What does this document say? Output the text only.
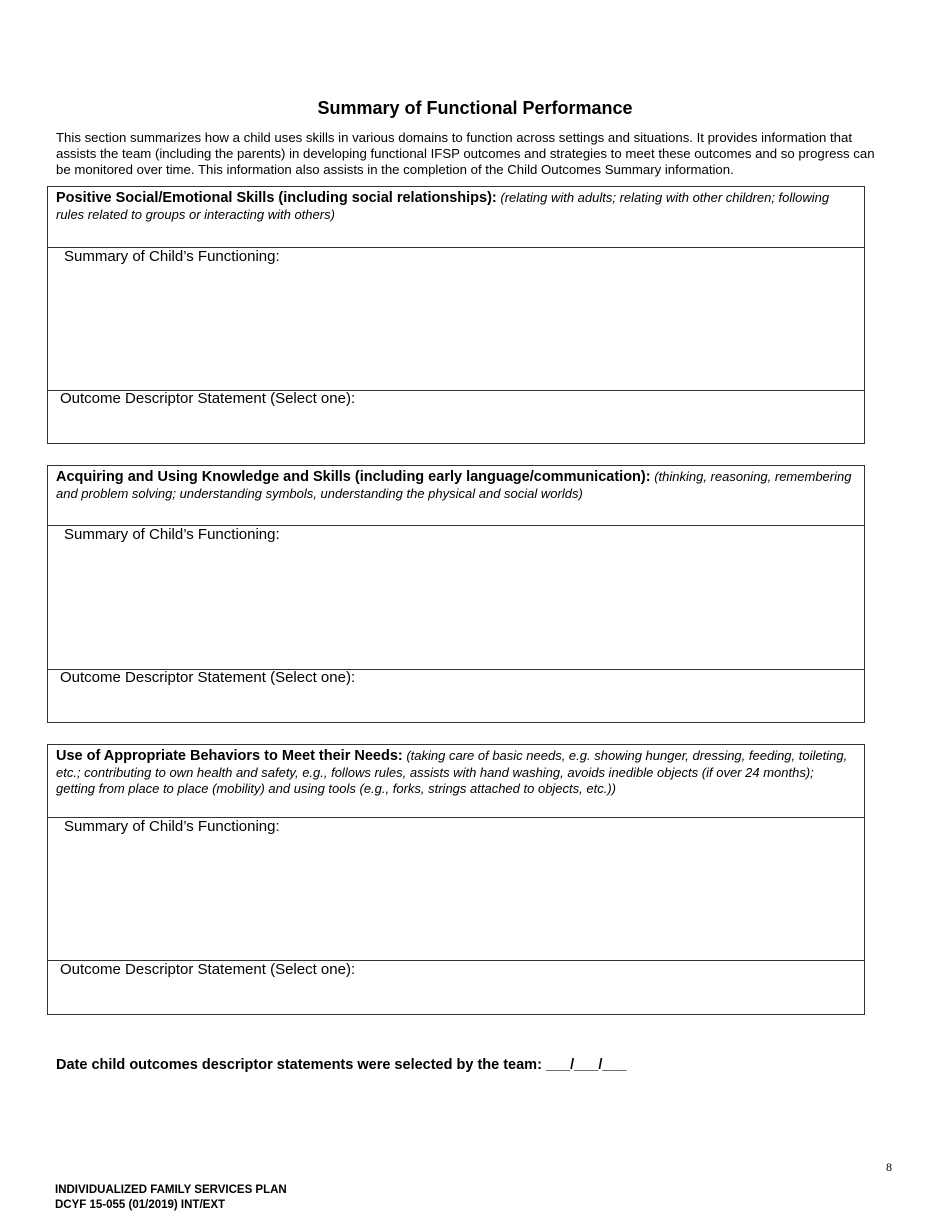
Summary of Functional Performance
This section summarizes how a child uses skills in various domains to function across settings and situations. It provides information that assists the team (including the parents) in developing functional IFSP outcomes and strategies to meet these outcomes and so progress can be monitored over time. This information also assists in the completion of the Child Outcomes Summary information.
Positive Social/Emotional Skills (including social relationships): (relating with adults; relating with other children; following rules related to groups or interacting with others)
Summary of Child’s Functioning:
Outcome Descriptor Statement (Select one):
Acquiring and Using Knowledge and Skills (including early language/communication): (thinking, reasoning, remembering and problem solving; understanding symbols, understanding the physical and social worlds)
Summary of Child’s Functioning:
Outcome Descriptor Statement (Select one):
Use of Appropriate Behaviors to Meet their Needs: (taking care of basic needs, e.g. showing hunger, dressing, feeding, toileting, etc.; contributing to own health and safety, e.g., follows rules, assists with hand washing, avoids inedible objects (if over 24 months); getting from place to place (mobility) and using tools (e.g., forks, strings attached to objects, etc.))
Summary of Child’s Functioning:
Outcome Descriptor Statement (Select one):
Date child outcomes descriptor statements were selected by the team: ___/___/___
8
INDIVIDUALIZED FAMILY SERVICES PLAN
DCYF 15-055 (01/2019) INT/EXT
